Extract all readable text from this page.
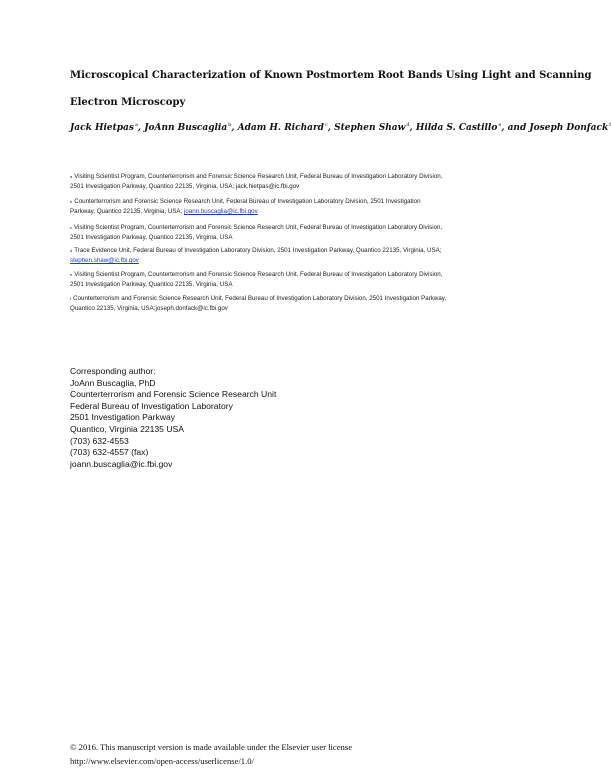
Microscopical Characterization of Known Postmortem Root Bands Using Light and Scanning
Electron Microscopy
Jack Hietpas$^a$, JoAnn Buscaglia$^b$, Adam H. Richard$^c$, Stephen Shaw$^d$, Hilda S. Castillo$^e$, and Joseph Donfack$^f$
$^a$ Visiting Scientist Program, Counterterrorism and Forensic Science Research Unit, Federal Bureau of Investigation Laboratory Division,
2501 Investigation Parkway, Quantico 22135, Virginia, USA; jack.hietpas@ic.fbi.gov
$^b$ Counterterrorism and Forensic Science Research Unit, Federal Bureau of Investigation Laboratory Division, 2501 Investigation
Parkway, Quantico 22135, Virginia, USA; joann.buscaglia@ic.fbi.gov
$^c$ Visiting Scientist Program, Counterterrorism and Forensic Science Research Unit, Federal Bureau of Investigation Laboratory Division,
2501 Investigation Parkway, Quantico 22135, Virginia, USA
$^d$ Trace Evidence Unit, Federal Bureau of Investigation Laboratory Division, 2501 Investigation Parkway, Quantico 22135, Virginia, USA;
stephen.shaw@ic.fbi.gov
$^e$ Visiting Scientist Program, Counterterrorism and Forensic Science Research Unit, Federal Bureau of Investigation Laboratory Division,
2501 Investigation Parkway, Quantico 22135, Virginia, USA
$^f$ Counterterrorism and Forensic Science Research Unit, Federal Bureau of Investigation Laboratory Division, 2501 Investigation Parkway,
Quantico 22135, Virginia, USA;joseph.donfack@ic.fbi.gov
Corresponding author:
JoAnn Buscaglia, PhD
Counterterrorism and Forensic Science Research Unit
Federal Bureau of Investigation Laboratory
2501 Investigation Parkway
Quantico, Virginia 22135 USA
(703) 632-4553
(703) 632-4557 (fax)
joann.buscaglia@ic.fbi.gov
© 2016. This manuscript version is made available under the Elsevier user license
http://www.elsevier.com/open-access/userlicense/1.0/
